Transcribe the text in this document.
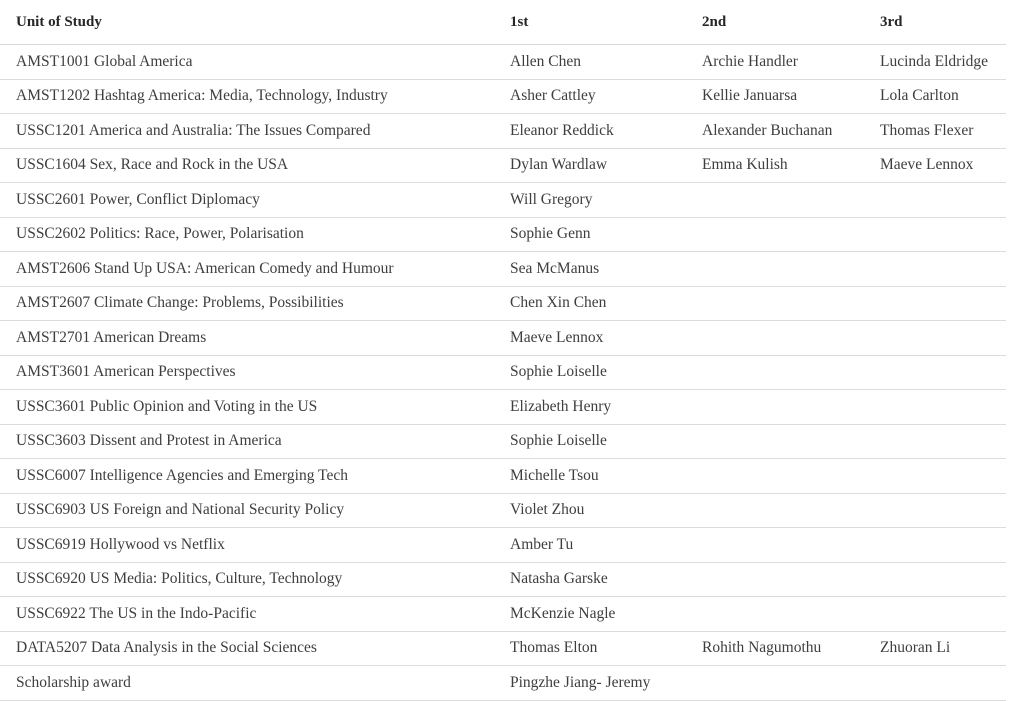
Unit of Study	1st	2nd	3rd
AMST1001 Global America	Allen Chen	Archie Handler	Lucinda Eldridge
AMST1202 Hashtag America: Media, Technology, Industry	Asher Cattley	Kellie Januarsa	Lola Carlton
USSC1201 America and Australia: The Issues Compared	Eleanor Reddick	Alexander Buchanan	Thomas Flexer
USSC1604 Sex, Race and Rock in the USA	Dylan Wardlaw	Emma Kulish	Maeve Lennox
USSC2601 Power, Conflict Diplomacy	Will Gregory		
USSC2602 Politics: Race, Power, Polarisation	Sophie Genn		
AMST2606 Stand Up USA: American Comedy and Humour	Sea McManus		
AMST2607 Climate Change: Problems, Possibilities	Chen Xin Chen		
AMST2701 American Dreams	Maeve Lennox		
AMST3601 American Perspectives	Sophie Loiselle		
USSC3601 Public Opinion and Voting in the US	Elizabeth Henry		
USSC3603 Dissent and Protest in America	Sophie Loiselle		
USSC6007 Intelligence Agencies and Emerging Tech	Michelle Tsou		
USSC6903 US Foreign and National Security Policy	Violet Zhou		
USSC6919 Hollywood vs Netflix	Amber Tu		
USSC6920 US Media: Politics, Culture, Technology	Natasha Garske		
USSC6922 The US in the Indo-Pacific	McKenzie Nagle		
DATA5207 Data Analysis in the Social Sciences	Thomas Elton	Rohith Nagumothu	Zhuoran Li
Scholarship award	Pingzhe Jiang- Jeremy		
